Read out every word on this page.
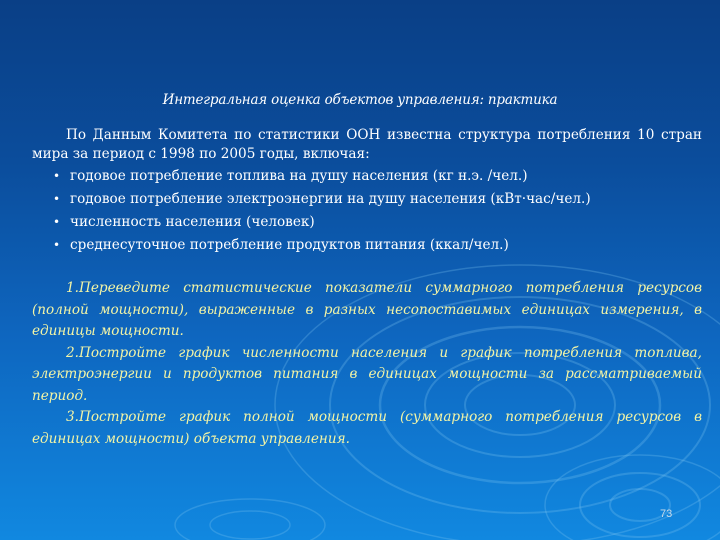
Интегральная оценка объектов управления: практика

По Данным Комитета по статистики ООН известна структура потребления 10 стран мира за период с 1998 по 2005 годы, включая:

• годовое потребление топлива на душу населения (кг н.э. /чел.)
• годовое потребление электроэнергии на душу населения (кВт·час/чел.)
• численность населения (человек)
• среднесуточное потребление продуктов питания (ккал/чел.)

1.Переведите статистические показатели суммарного потребления ресурсов (полной мощности), выраженные в разных несопоставимых единицах измерения, в единицы мощности.

2.Постройте график численности населения и график потребления топлива, электроэнергии и продуктов питания в единицах мощности за рассматриваемый период.

3.Постройте график полной мощности (суммарного потребления ресурсов в единицах мощности) объекта управления.

73
